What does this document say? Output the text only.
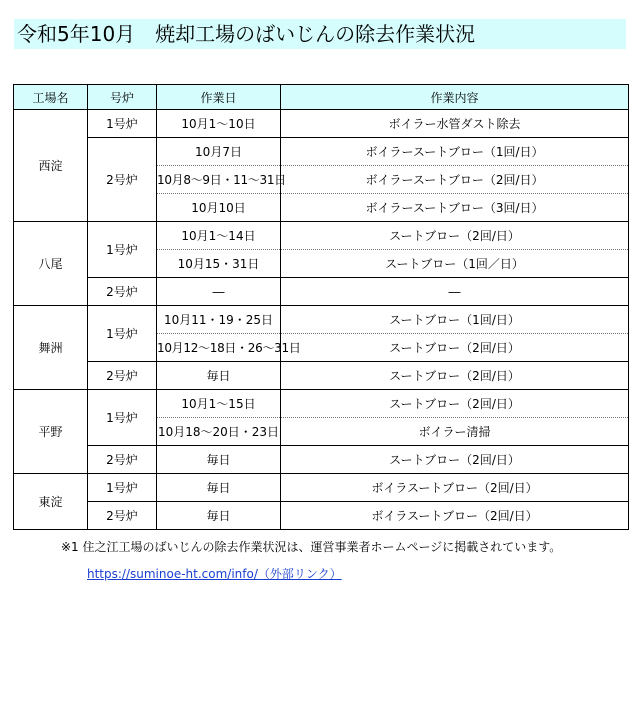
令和5年10月　焼却工場のばいじんの除去作業状況
工場名	号炉	作業日	作業内容
西淀	1号炉	10月1～10日	ボイラー水管ダスト除去
	2号炉	10月7日	ボイラースートブロー（1回/日）
		10月8～9日・11～31日	ボイラースートブロー（2回/日）
		10月10日	ボイラースートブロー（3回/日）
八尾	1号炉	10月1～14日	スートブロー（2回/日）
		10月15・31日	スートブロー（1回／日）
	2号炉	―	―
舞洲	1号炉	10月11・19・25日	スートブロー（1回/日）
		10月12～18日・26～31日	スートブロー（2回/日）
	2号炉	毎日	スートブロー（2回/日）
平野	1号炉	10月1～15日	スートブロー（2回/日）
		10月18～20日・23日	ボイラー清掃
	2号炉	毎日	スートブロー（2回/日）
東淀	1号炉	毎日	ボイラスートブロー（2回/日）
	2号炉	毎日	ボイラスートブロー（2回/日）
※1 住之江工場のばいじんの除去作業状況は、運営事業者ホームページに掲載されています。
https://suminoe-ht.com/info/（外部リンク）
